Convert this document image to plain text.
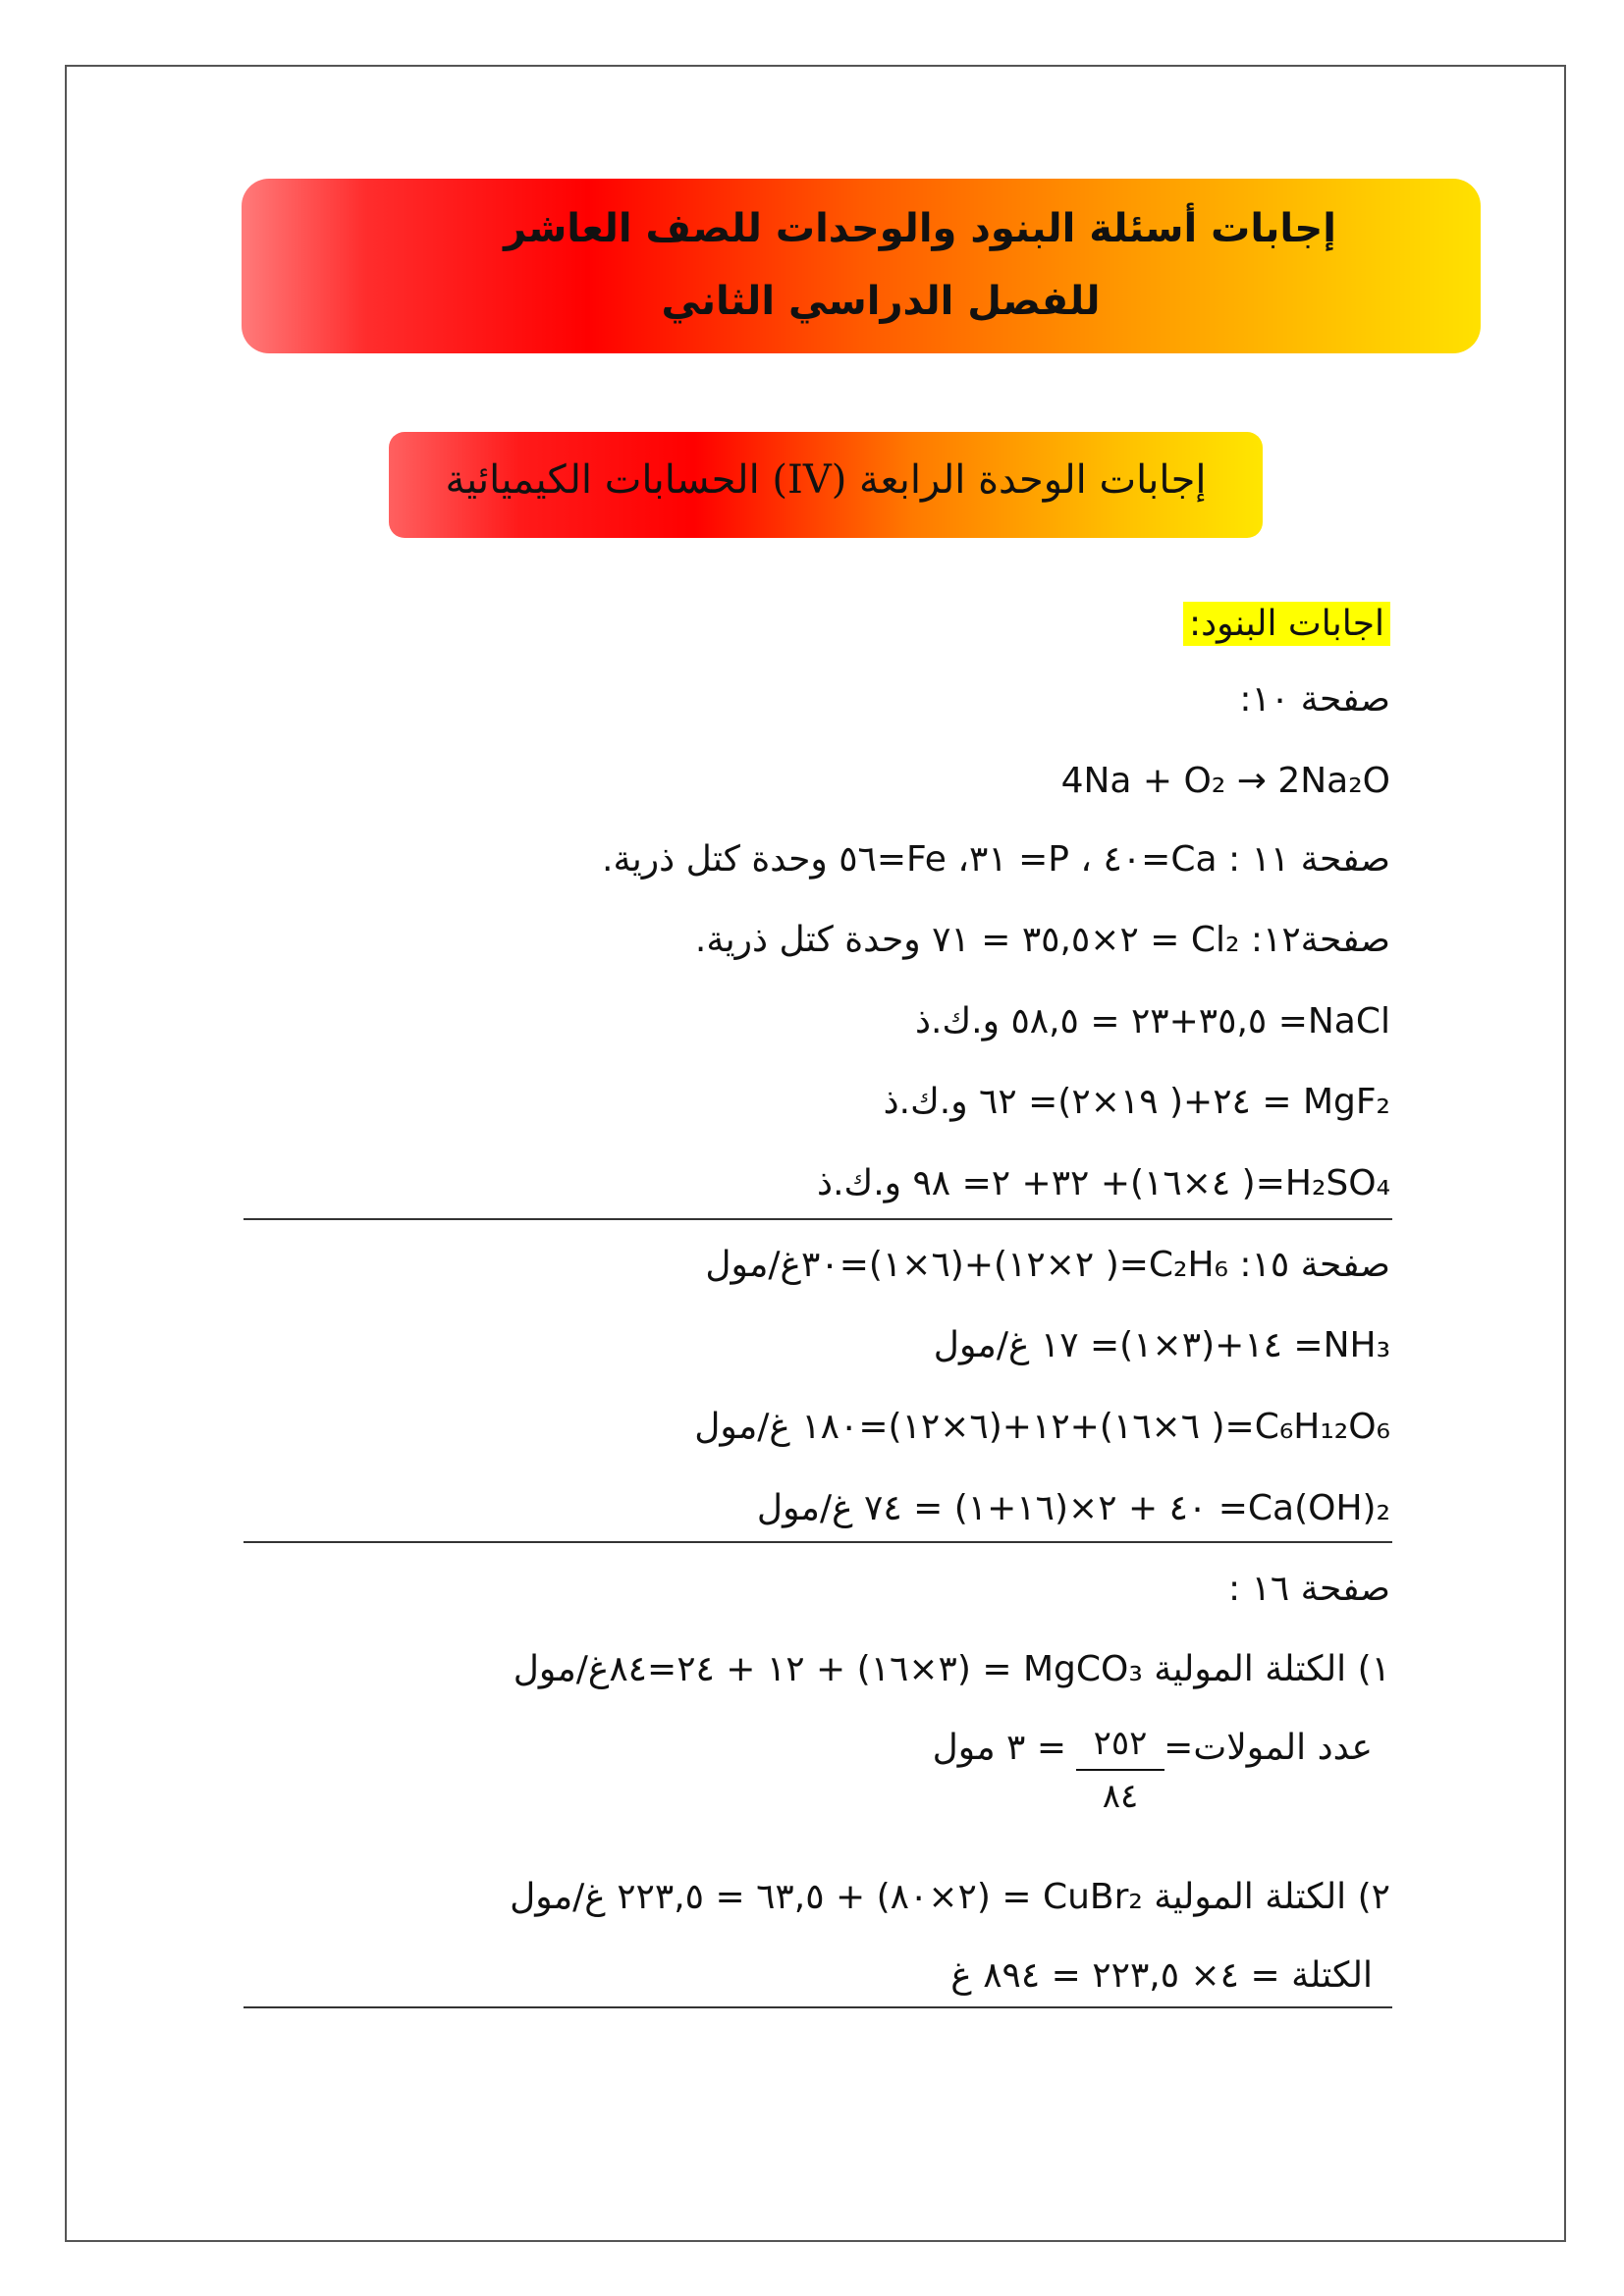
إجابات أسئلة البنود والوحدات للصف العاشر
للفصل الدراسي الثاني
إجابات الوحدة الرابعة (IV) الحسابات الكيميائية
اجابات البنود:
صفحة ١٠:
4Na + O₂ → 2Na₂O
صفحة ١١ : Ca=٤٠ ، P= ٣١، Fe=٥٦ وحدة كتل ذرية.
صفحة١٢: Cl₂ = ٢×٣٥,٥ = ٧١ وحدة كتل ذرية.
NaCl= ٣٥,٥+٢٣ = ٥٨,٥ و.ك.ذ
MgF₂ = ٢٤+( ١٩×٢)= ٦٢ و.ك.ذ
H₂SO₄=( ٤×١٦)+ ٣٢+ ٢= ٩٨ و.ك.ذ
صفحة ١٥: C₂H₆=( ٢×١٢)+(٦×١)=٣٠غ/مول
NH₃= ١٤+(٣×١)= ١٧ غ/مول
C₆H₁₂O₆=( ٦×١٦)+١٢+(٦×١٢)=١٨٠ غ/مول
Ca(OH)₂= ٤٠ + ٢×(١٦+١) = ٧٤ غ/مول
صفحة ١٦ :
١) الكتلة المولية MgCO₃ = (٣×١٦) + ١٢ + ٢٤=٨٤غ/مول
عدد المولات=
٢٥٢
٨٤
= ٣ مول
٢) الكتلة المولية CuBr₂ = (٢×٨٠) + ٦٣,٥ = ٢٢٣,٥ غ/مول
الكتلة = ٤× ٢٢٣,٥ = ٨٩٤ غ
